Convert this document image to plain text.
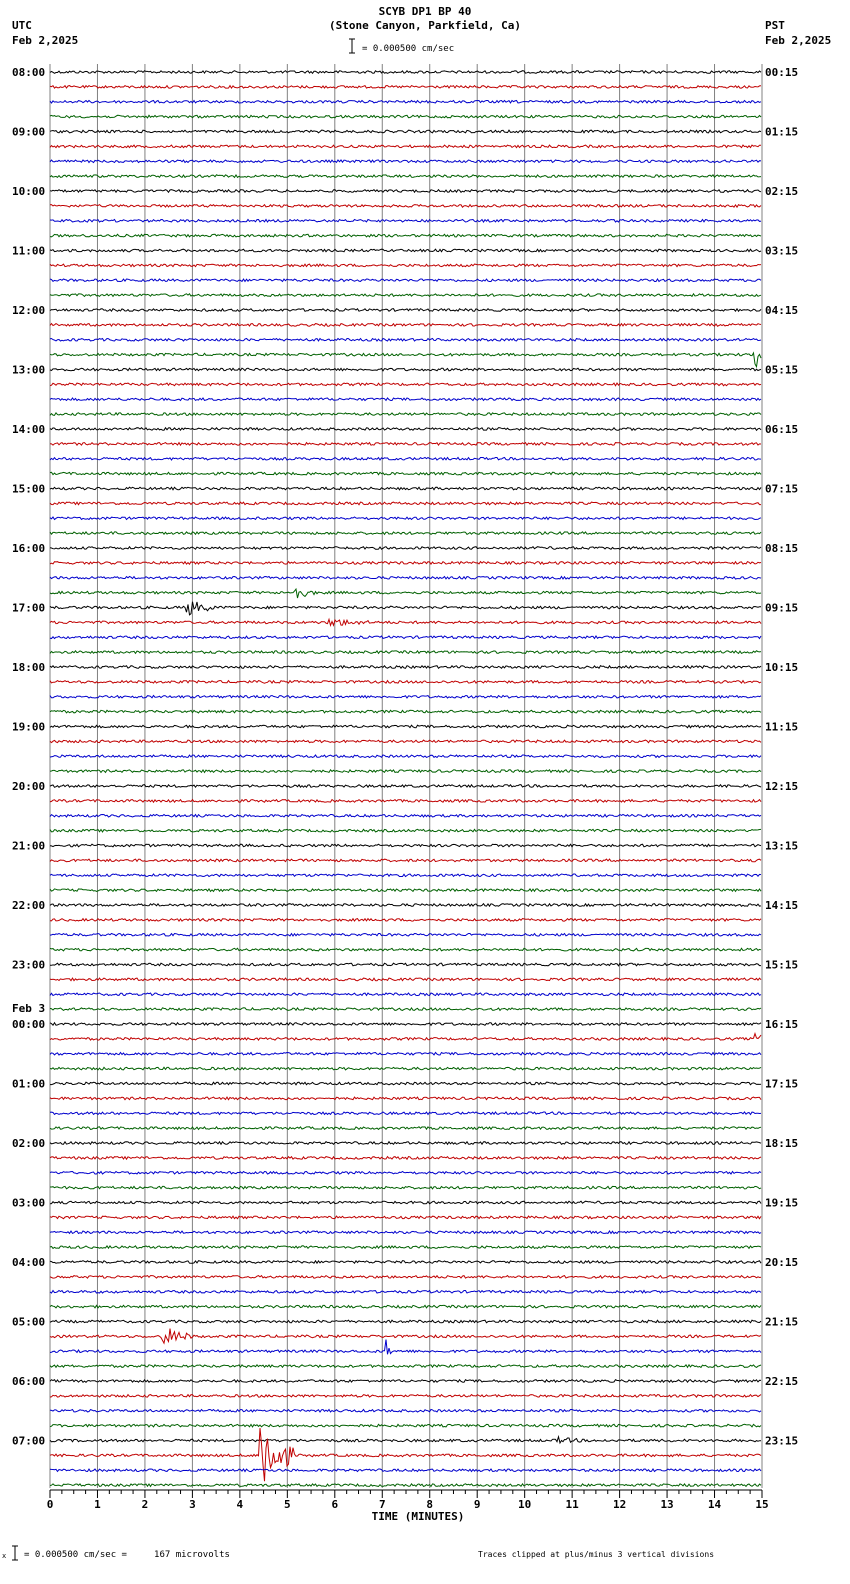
SCYB DP1 BP 40
(Stone Canyon, Parkfield, Ca)
= 0.000500 cm/sec
UTC
Feb 2,2025
PST
Feb 2,2025
08:00
09:00
10:00
11:00
12:00
13:00
14:00
15:00
16:00
17:00
18:00
19:00
20:00
21:00
22:00
23:00
00:00
01:00
02:00
03:00
04:00
05:00
06:00
07:00
00:15
01:15
02:15
03:15
04:15
05:15
06:15
07:15
08:15
09:15
10:15
11:15
12:15
13:15
14:15
15:15
16:15
17:15
18:15
19:15
20:15
21:15
22:15
23:15
0	1	2	3	4	5	6	7	8	9	10	11	12	13	14	15
TIME (MINUTES)
Feb 3
x = 0.000500 cm/sec =     167 microvolts	Traces clipped at plus/minus 3 vertical divisions
